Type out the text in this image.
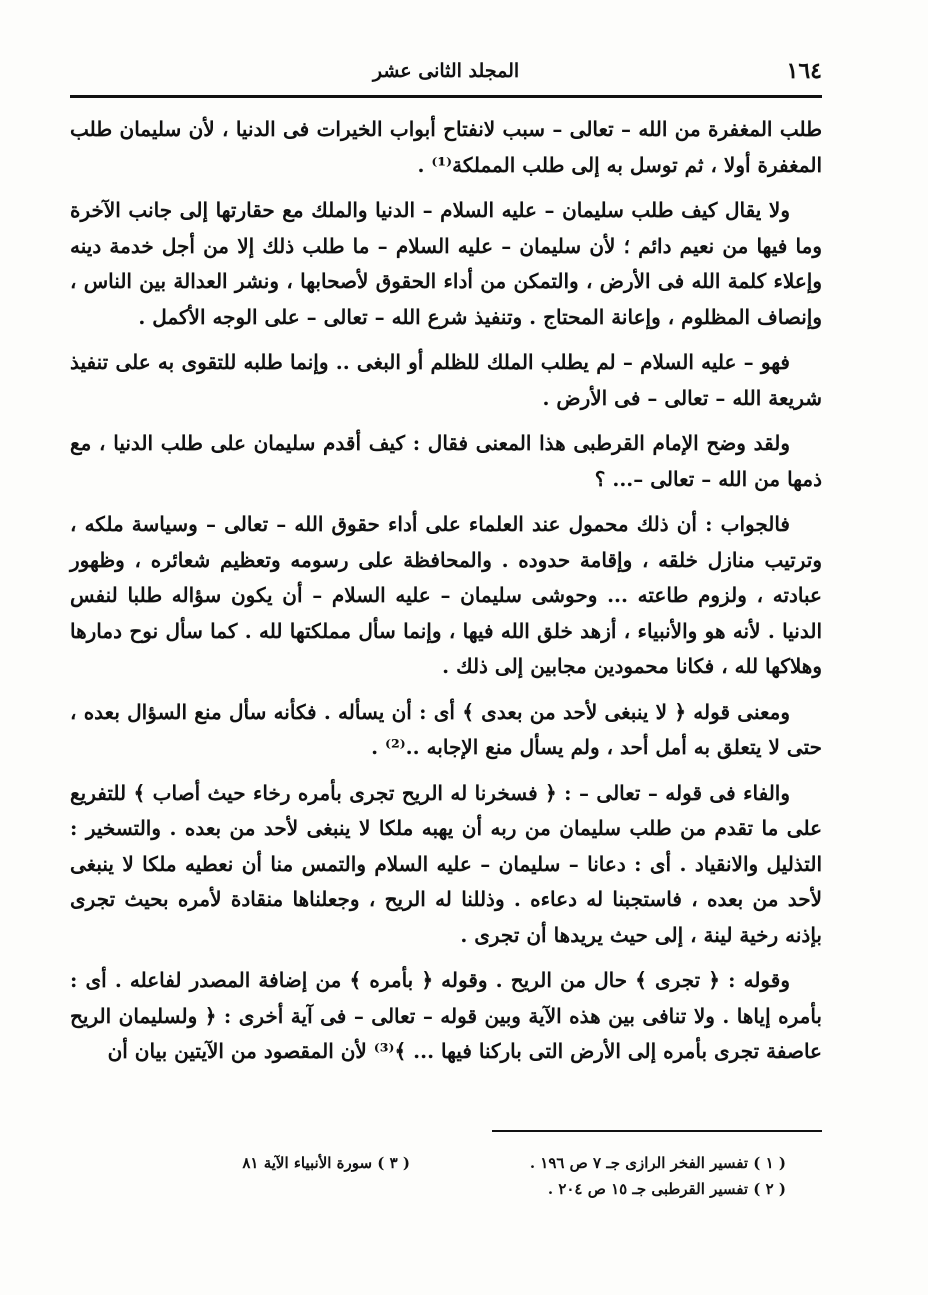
١٦٤
المجلد الثانى عشر

طلب المغفرة من الله – تعالى – سبب لانفتاح أبواب الخيرات فى الدنيا ، لأن سليمان طلب المغفرة أولا ، ثم توسل به إلى طلب المملكة⁽¹⁾ .

ولا يقال كيف طلب سليمان – عليه السلام – الدنيا والملك مع حقارتها إلى جانب الآخرة وما فيها من نعيم دائم ؛ لأن سليمان – عليه السلام – ما طلب ذلك إلا من أجل خدمة دينه وإعلاء كلمة الله فى الأرض ، والتمكن من أداء الحقوق لأصحابها ، ونشر العدالة بين الناس ، وإنصاف المظلوم ، وإعانة المحتاج . وتنفيذ شرع الله – تعالى – على الوجه الأكمل .

فهو – عليه السلام – لم يطلب الملك للظلم أو البغى .. وإنما طلبه للتقوى به على تنفيذ شريعة الله – تعالى – فى الأرض .

ولقد وضح الإمام القرطبى هذا المعنى فقال : كيف أقدم سليمان على طلب الدنيا ، مع ذمها من الله – تعالى –... ؟

فالجواب : أن ذلك محمول عند العلماء على أداء حقوق الله – تعالى – وسياسة ملكه ، وترتيب منازل خلقه ، وإقامة حدوده . والمحافظة على رسومه وتعظيم شعائره ، وظهور عبادته ، ولزوم طاعته ... وحوشى سليمان – عليه السلام – أن يكون سؤاله طلبا لنفس الدنيا . لأنه هو والأنبياء ، أزهد خلق الله فيها ، وإنما سأل مملكتها لله . كما سأل نوح دمارها وهلاكها لله ، فكانا محمودين مجابين إلى ذلك .

ومعنى قوله ﴿ لا ينبغى لأحد من بعدى ﴾ أى : أن يسأله . فكأنه سأل منع السؤال بعده ، حتى لا يتعلق به أمل أحد ، ولم يسأل منع الإجابه ..⁽²⁾ .

والفاء فى قوله – تعالى – : ﴿ فسخرنا له الريح تجرى بأمره رخاء حيث أصاب ﴾ للتفريع على ما تقدم من طلب سليمان من ربه أن يهبه ملكا لا ينبغى لأحد من بعده . والتسخير : التذليل والانقياد . أى : دعانا – سليمان – عليه السلام والتمس منا أن نعطيه ملكا لا ينبغى لأحد من بعده ، فاستجبنا له دعاءه . وذللنا له الريح ، وجعلناها منقادة لأمره بحيث تجرى بإذنه رخية لينة ، إلى حيث يريدها أن تجرى .

وقوله : ﴿ تجرى ﴾ حال من الريح . وقوله ﴿ بأمره ﴾ من إضافة المصدر لفاعله . أى : بأمره إياها . ولا تنافى بين هذه الآية وبين قوله – تعالى – فى آية أخرى : ﴿ ولسليمان الريح عاصفة تجرى بأمره إلى الأرض التى باركنا فيها ... ﴾⁽³⁾ لأن المقصود من الآيتين بيان أن

( ١ ) تفسير الفخر الرازى جـ ٧ ص ١٩٦ .
( ٢ ) تفسير القرطبى جـ ١٥ ص ٢٠٤ .
( ٣ ) سورة الأنبياء الآية ٨١
